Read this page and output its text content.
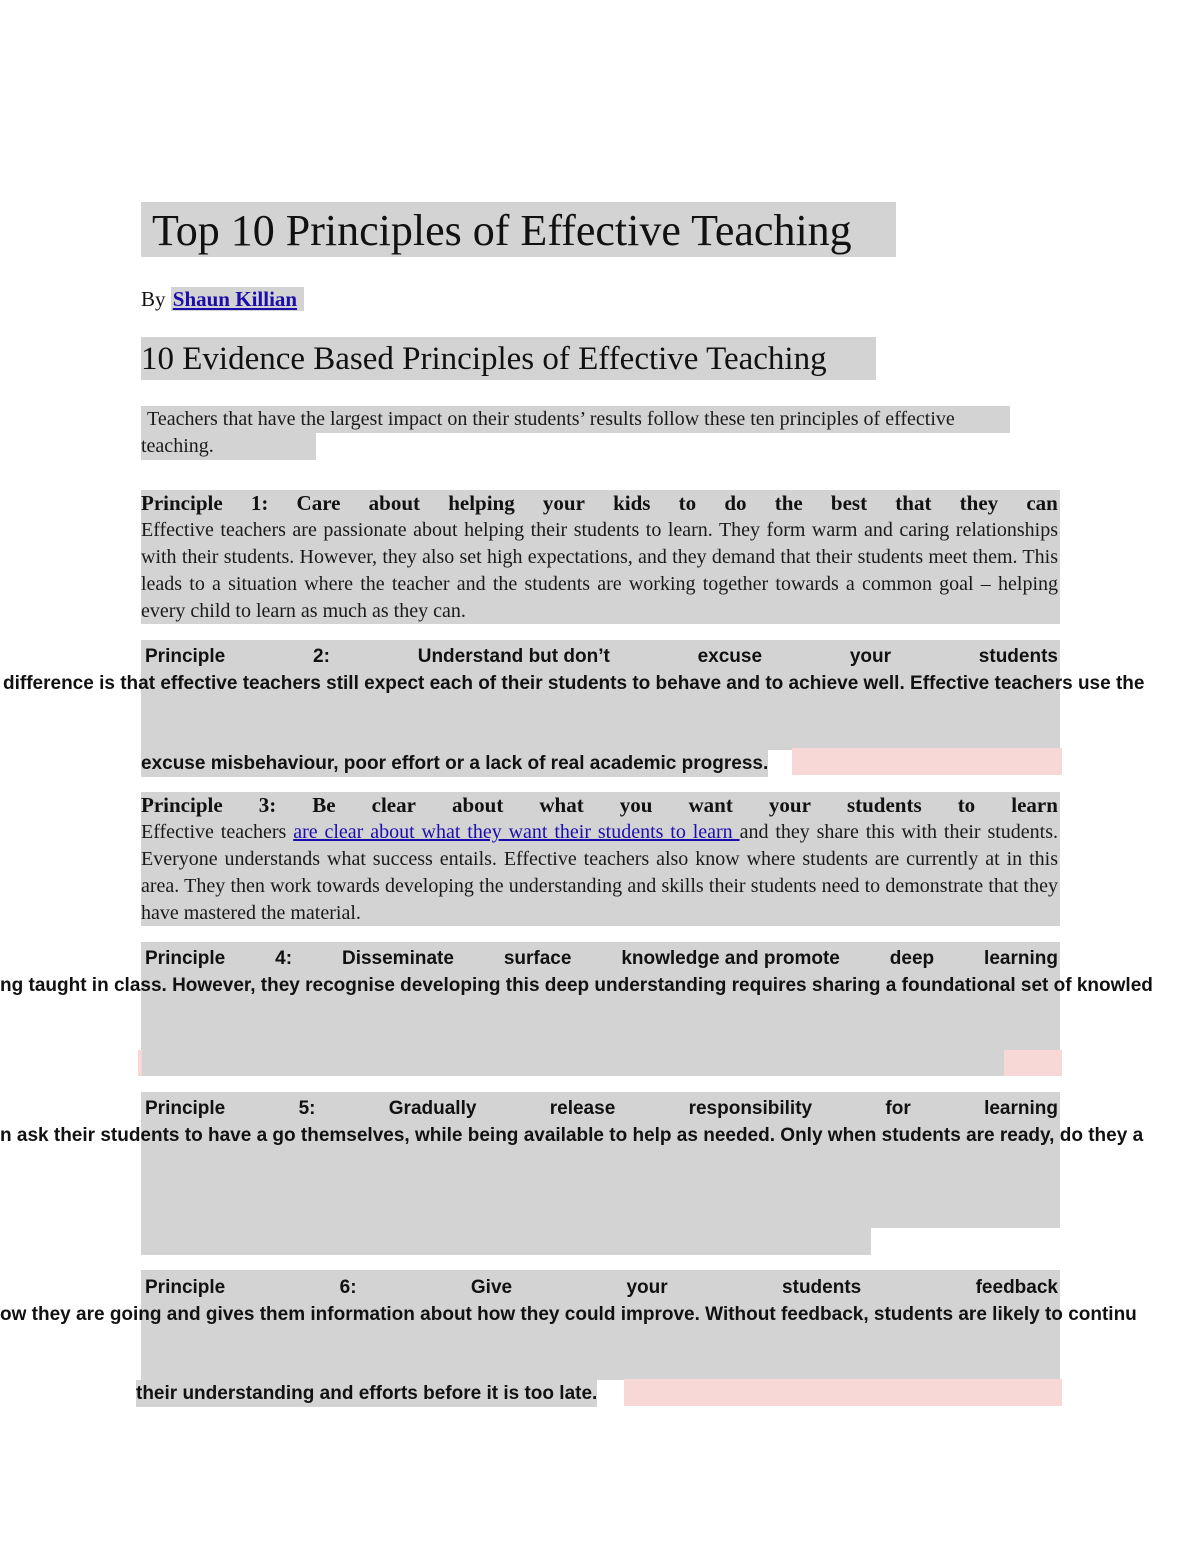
Top 10 Principles of Effective Teaching
By Shaun Killian
10 Evidence Based Principles of Effective Teaching
Teachers that have the largest impact on their students’ results follow these ten principles of effective teaching.
Principle 1: Care about helping your kids to do the best that they can
Effective teachers are passionate about helping their students to learn. They form warm and caring relationships with their students. However, they also set high expectations, and they demand that their students meet them. This leads to a situation where the teacher and the students are working together towards a common goal – helping every child to learn as much as they can.
Principle	2:	Understand but don’t	excuse	your	students
difference is that effective teachers still expect each of their students to behave and to achieve well. Effective teachers use the
excuse misbehaviour, poor effort or a lack of real academic progress.
Principle 3: Be clear about what you want your students to learn
Effective teachers are clear about what they want their students to learn and they share this with their students. Everyone understands what success entails. Effective teachers also know where students are currently at in this area. They then work towards developing the understanding and skills their students need to demonstrate that they have mastered the material.
Principle	4:	Disseminate	surface	knowledge and promote	deep	learning
ng taught in class. However, they recognise developing this deep understanding requires sharing a foundational set of knowled
Principle	5:	Gradually	release	responsibility	for	learning
n ask their students to have a go themselves, while being available to help as needed. Only when students are ready, do they a
Principle	6:	Give	your	students	feedback
ow they are going and gives them information about how they could improve. Without feedback, students are likely to continu
their understanding and efforts before it is too late.
